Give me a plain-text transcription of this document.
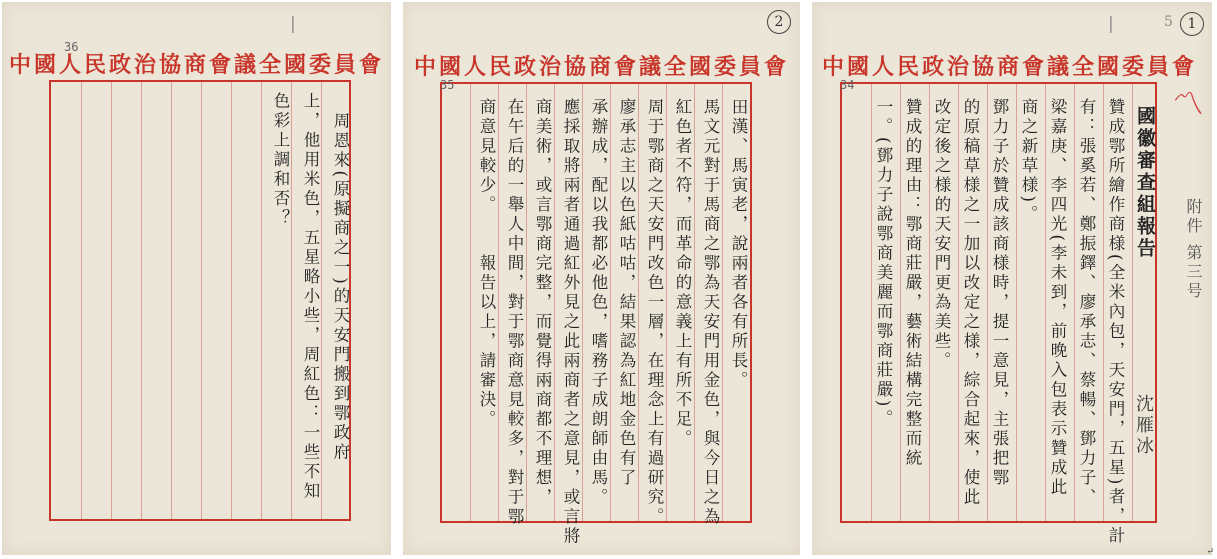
|
36
中國人民政治協商會議全國委員會
周恩來(原擬商之一)的天安門搬到鄂政府
上，他用米色，五星略小些，周紅色：一些不知
色彩上調和否？
2
中國人民政治協商會議全國委員會
35
田漢、馬寅老，說兩者各有所長。
馬文元對于馬商之鄂為天安門用金色，與今日之為
紅色者不符，而革命的意義上有所不足。
周于鄂商之天安門改色一層，在理念上有過研究。
廖承志主以色紙咕咕，結果認為紅地金色有了
承辦成，配以我都必他色，嗜務子成朗師由馬。
應採取將兩者通過紅外見之此兩商者之意見，或言將
商美術，或言鄂商完整，而覺得兩商都不理想，
在午后的一舉人中間，對于鄂商意見較多，對于鄂
商意見較少。
報告以上，請審決。
|	5	1
中國人民政治協商會議全國委員會
〽
附件 第三号
34
國徽審查組報告
沈雁冰
贊成鄂所繪作商様(全米內包，天安門，五星)者，計
有：張奚若、鄭振鐸、廖承志、蔡暢、鄧力子、
梁嘉庚、李四光(李未到，前晚入包表示贊成此
商之新草様)。
鄧力子於贊成該商様時，提一意見，主張把鄂
的原稿草様之一加以改定之様，綜合起來，使此
改定後之様的天安門更為美些。
贊成的理由：鄂商莊嚴，藝術結構完整而統
一。(鄧力子說鄂商美麗而鄂商莊嚴)。
↵
